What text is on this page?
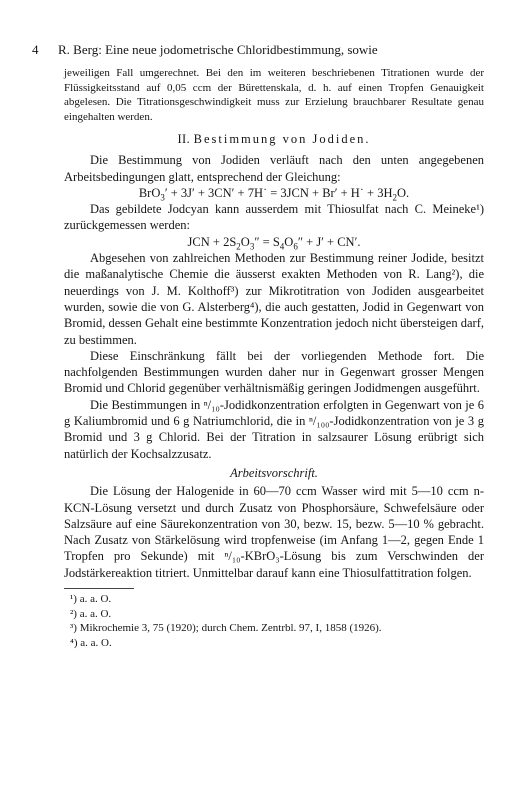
4 R. Berg: Eine neue jodometrische Chloridbestimmung, sowie

jeweiligen Fall umgerechnet. Bei den im weiteren beschriebenen Titrationen wurde der Flüssigkeitsstand auf 0,05 ccm der Bürettenskala, d. h. auf einen Tropfen Genauigkeit abgelesen. Die Titrationsgeschwindigkeit muss zur Erzielung brauchbarer Resultate genau eingehalten werden.

II. Bestimmung von Jodiden.

Die Bestimmung von Jodiden verläuft nach den unten angegebenen Arbeitsbedingungen glatt, entsprechend der Gleichung:

BrO$_3$′ + 3J′ + 3CN′ + 7H˙ = 3JCN + Br′ + H˙ + $3H_2O$.

Das gebildete Jodcyan kann ausserdem mit Thiosulfat nach C. Meineke¹) zurückgemessen werden:

JCN + $2S_2O_3'' = S_4O_6'' + J' + CN'$.

Abgesehen von zahlreichen Methoden zur Bestimmung reiner Jodide, besitzt die maßanalytische Chemie die äusserst exakten Methoden von R. Lang²), die neuerdings von J. M. Kolthoff³) zur Mikrotitration von Jodiden ausgearbeitet wurden, sowie die von G. Alsterberg⁴), die auch gestatten, Jodid in Gegenwart von Bromid, dessen Gehalt eine bestimmte Konzentration jedoch nicht übersteigen darf, zu bestimmen.

Diese Einschränkung fällt bei der vorliegenden Methode fort. Die nachfolgenden Bestimmungen wurden daher nur in Gegenwart grosser Mengen Bromid und Chlorid gegenüber verhältnismäßig geringen Jodidmengen ausgeführt.

Die Bestimmungen in ⁿ/₁₀-Jodidkonzentration erfolgten in Gegenwart von je 6 g Kaliumbromid und 6 g Natriumchlorid, die in ⁿ/₁₀₀-Jodidkonzentration von je 3 g Bromid und 3 g Chlorid. Bei der Titration in salzsaurer Lösung erübrigt sich natürlich der Kochsalzzusatz.

Arbeitsvorschrift.

Die Lösung der Halogenide in 60—70 ccm Wasser wird mit 5—10 ccm n-KCN-Lösung versetzt und durch Zusatz von Phosphorsäure, Schwefelsäure oder Salzsäure auf eine Säurekonzentration von 30, bezw. 15, bezw. 5—10 % gebracht. Nach Zusatz von Stärkelösung wird tropfenweise (im Anfang 1—2, gegen Ende 1 Tropfen pro Sekunde) mit ⁿ/₁₀-KBrO₃-Lösung bis zum Verschwinden der Jodstärkereaktion titriert. Unmittelbar darauf kann eine Thiosulfattitration folgen.

¹) a. a. O.
²) a. a. O.
³) Mikrochemie 3, 75 (1920); durch Chem. Zentrbl. 97, I, 1858 (1926).
⁴) a. a. O.
